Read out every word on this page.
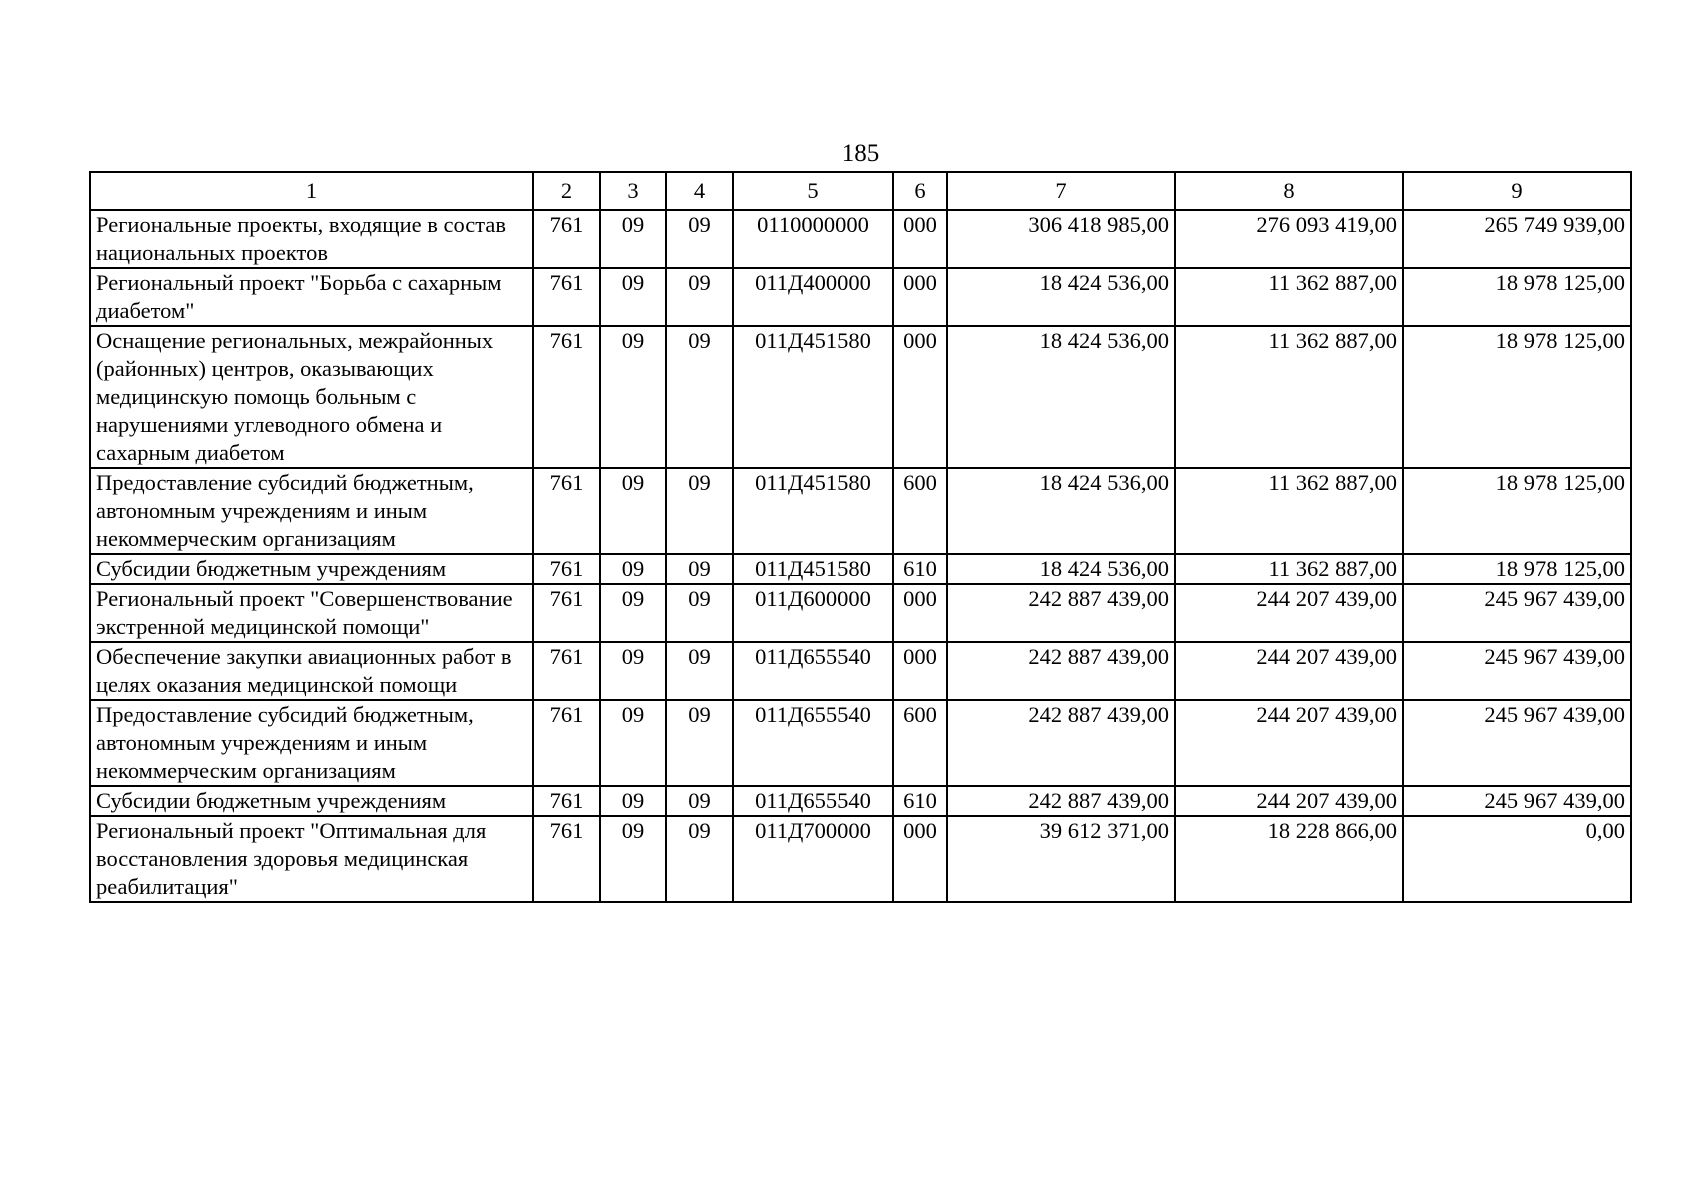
185
1	2	3	4	5	6	7	8	9
Региональные проекты, входящие в состав национальных проектов	761	09	09	0110000000	000	306 418 985,00	276 093 419,00	265 749 939,00
Региональный проект "Борьба с сахарным диабетом"	761	09	09	011Д400000	000	18 424 536,00	11 362 887,00	18 978 125,00
Оснащение региональных, межрайонных (районных) центров, оказывающих медицинскую помощь больным с нарушениями углеводного обмена и сахарным диабетом	761	09	09	011Д451580	000	18 424 536,00	11 362 887,00	18 978 125,00
Предоставление субсидий бюджетным, автономным учреждениям и иным некоммерческим организациям	761	09	09	011Д451580	600	18 424 536,00	11 362 887,00	18 978 125,00
Субсидии бюджетным учреждениям	761	09	09	011Д451580	610	18 424 536,00	11 362 887,00	18 978 125,00
Региональный проект "Совершенствование экстренной медицинской помощи"	761	09	09	011Д600000	000	242 887 439,00	244 207 439,00	245 967 439,00
Обеспечение закупки авиационных работ в целях оказания медицинской помощи	761	09	09	011Д655540	000	242 887 439,00	244 207 439,00	245 967 439,00
Предоставление субсидий бюджетным, автономным учреждениям и иным некоммерческим организациям	761	09	09	011Д655540	600	242 887 439,00	244 207 439,00	245 967 439,00
Субсидии бюджетным учреждениям	761	09	09	011Д655540	610	242 887 439,00	244 207 439,00	245 967 439,00
Региональный проект "Оптимальная для восстановления здоровья медицинская реабилитация"	761	09	09	011Д700000	000	39 612 371,00	18 228 866,00	0,00
